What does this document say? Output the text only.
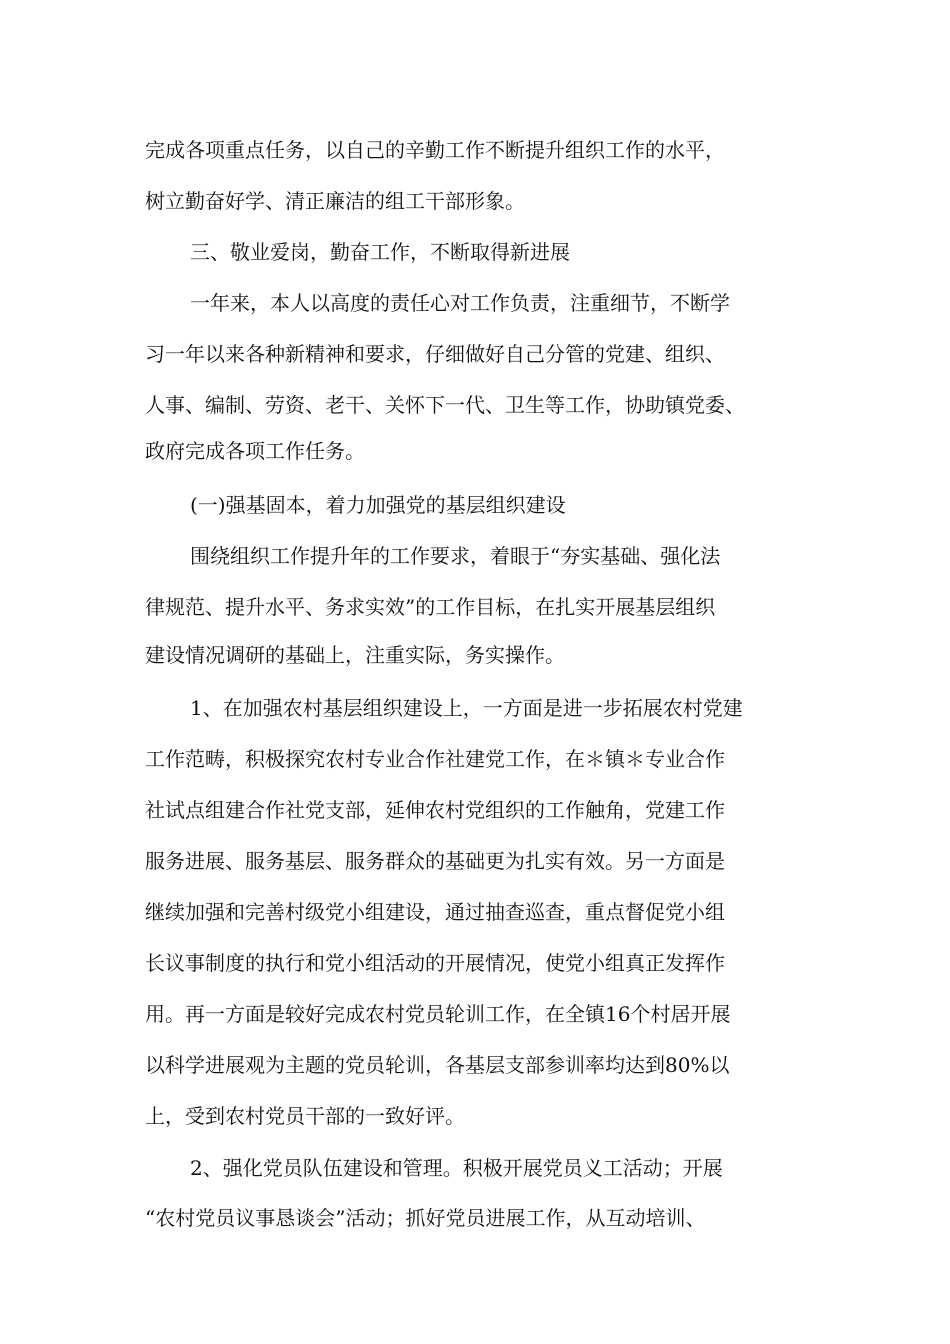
完成各项重点任务，以自己的辛勤工作不断提升组织工作的水平，
树立勤奋好学、清正廉洁的组工干部形象。
三、敬业爱岗，勤奋工作，不断取得新进展
一年来，本人以高度的责任心对工作负责，注重细节，不断学
习一年以来各种新精神和要求，仔细做好自己分管的党建、组织、
人事、编制、劳资、老干、关怀下一代、卫生等工作，协助镇党委、
政府完成各项工作任务。
(一)强基固本，着力加强党的基层组织建设
围绕组织工作提升年的工作要求，着眼于“夯实基础、强化法
律规范、提升水平、务求实效”的工作目标，在扎实开展基层组织
建设情况调研的基础上，注重实际，务实操作。
1、在加强农村基层组织建设上，一方面是进一步拓展农村党建
工作范畴，积极探究农村专业合作社建党工作，在＊镇＊专业合作
社试点组建合作社党支部，延伸农村党组织的工作触角，党建工作
服务进展、服务基层、服务群众的基础更为扎实有效。另一方面是
继续加强和完善村级党小组建设，通过抽查巡查，重点督促党小组
长议事制度的执行和党小组活动的开展情况，使党小组真正发挥作
用。再一方面是较好完成农村党员轮训工作，在全镇16个村居开展
以科学进展观为主题的党员轮训，各基层支部参训率均达到80%以
上，受到农村党员干部的一致好评。
2、强化党员队伍建设和管理。积极开展党员义工活动；开展
“农村党员议事恳谈会”活动；抓好党员进展工作，从互动培训、
